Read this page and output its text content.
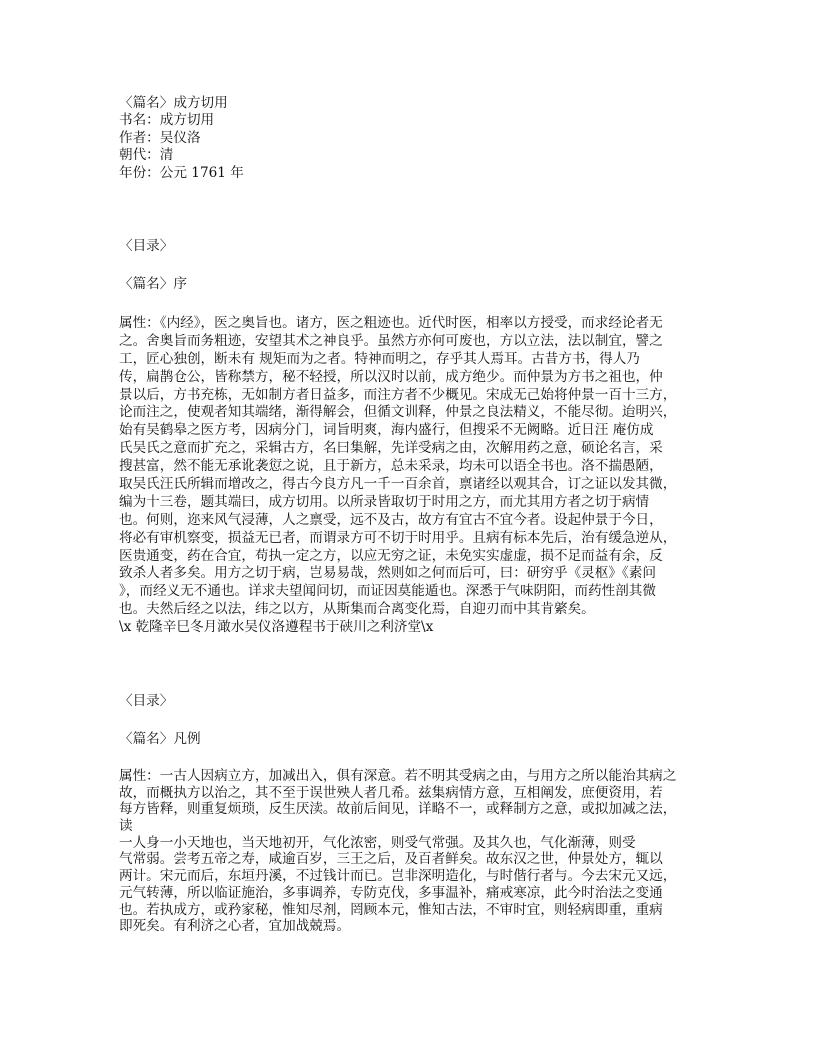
〈篇名〉成方切用
书名：成方切用
作者：吴仪洛
朝代：清
年份：公元 1761 年
〈目录〉
〈篇名〉序
属性：《内经》，医之奥旨也。诸方，医之粗迹也。近代时医，相率以方授受，而求经论者无
之。舍奥旨而务粗迹，安望其术之神良乎。虽然方亦何可废也，方以立法，法以制宜，譬之
工，匠心独创，断未有 规矩而为之者。特神而明之，存乎其人焉耳。古昔方书，得人乃
传，扁鹊仓公，皆称禁方，秘不轻授，所以汉时以前，成方绝少。而仲景为方书之祖也，仲
景以后，方书充栋，无如制方者日益多，而注方者不少概见。宋成无己始将仲景一百十三方，
论而注之，使观者知其端绪，渐得解会，但循文训释，仲景之良法精义，不能尽彻。迨明兴，
始有吴鹤皋之医方考，因病分门，词旨明爽，海内盛行，但搜采不无阙略。近日汪 庵仿成
氏吴氏之意而扩充之，采辑古方，名曰集解，先详受病之由，次解用药之意，硕论名言，采
搜甚富，然不能无承讹袭愆之说，且于新方，总未采录，均未可以语全书也。洛不揣愚陋，
取吴氏汪氏所辑而增改之，得古今良方凡一千一百余首，禀诸经以观其合，订之证以发其微，
编为十三卷，题其端曰，成方切用。以所录皆取切于时用之方，而尤其用方者之切于病情
也。何则，迩来风气浸薄，人之禀受，远不及古，故方有宜古不宜今者。设起仲景于今日，
将必有审机察变，损益无已者，而谓录方可不切于时用乎。且病有标本先后，治有缓急逆从，
医贵通变，药在合宜，苟执一定之方，以应无穷之证，未免实实虚虚，损不足而益有余，反
致杀人者多矣。用方之切于病，岂易易哉，然则如之何而后可，曰：研穷乎《灵枢》《素问
》，而经义无不通也。详求夫望闻问切，而证因莫能遁也。深悉于气味阴阳，而药性剖其微
也。夫然后经之以法，纬之以方，从斯集而合离变化焉，自迎刃而中其肯綮矣。
\x 乾隆辛巳冬月澉水吴仪洛遵程书于硖川之利济堂\x
〈目录〉
〈篇名〉凡例
属性：一古人因病立方，加减出入，俱有深意。若不明其受病之由，与用方之所以能治其病之
故，而概执方以治之，其不至于误世殃人者几希。兹集病情方意，互相阐发，庶便资用，若
每方皆释，则重复烦琐，反生厌渎。故前后间见，详略不一，或释制方之意，或拟加减之法，
读
一人身一小天地也，当天地初开，气化浓密，则受气常强。及其久也，气化渐薄，则受
气常弱。尝考五帝之寿，咸逾百岁，三王之后，及百者鲜矣。故东汉之世，仲景处方，辄以
两计。宋元而后，东垣丹溪，不过钱计而已。岂非深明造化，与时偕行者与。今去宋元又远，
元气转薄，所以临证施治，多事调养，专防克伐，多事温补，痛戒寒凉，此今时治法之变通
也。若执成方，或矜家秘，惟知尽剂，罔顾本元，惟知古法，不审时宜，则轻病即重，重病
即死矣。有利济之心者，宜加战兢焉。
